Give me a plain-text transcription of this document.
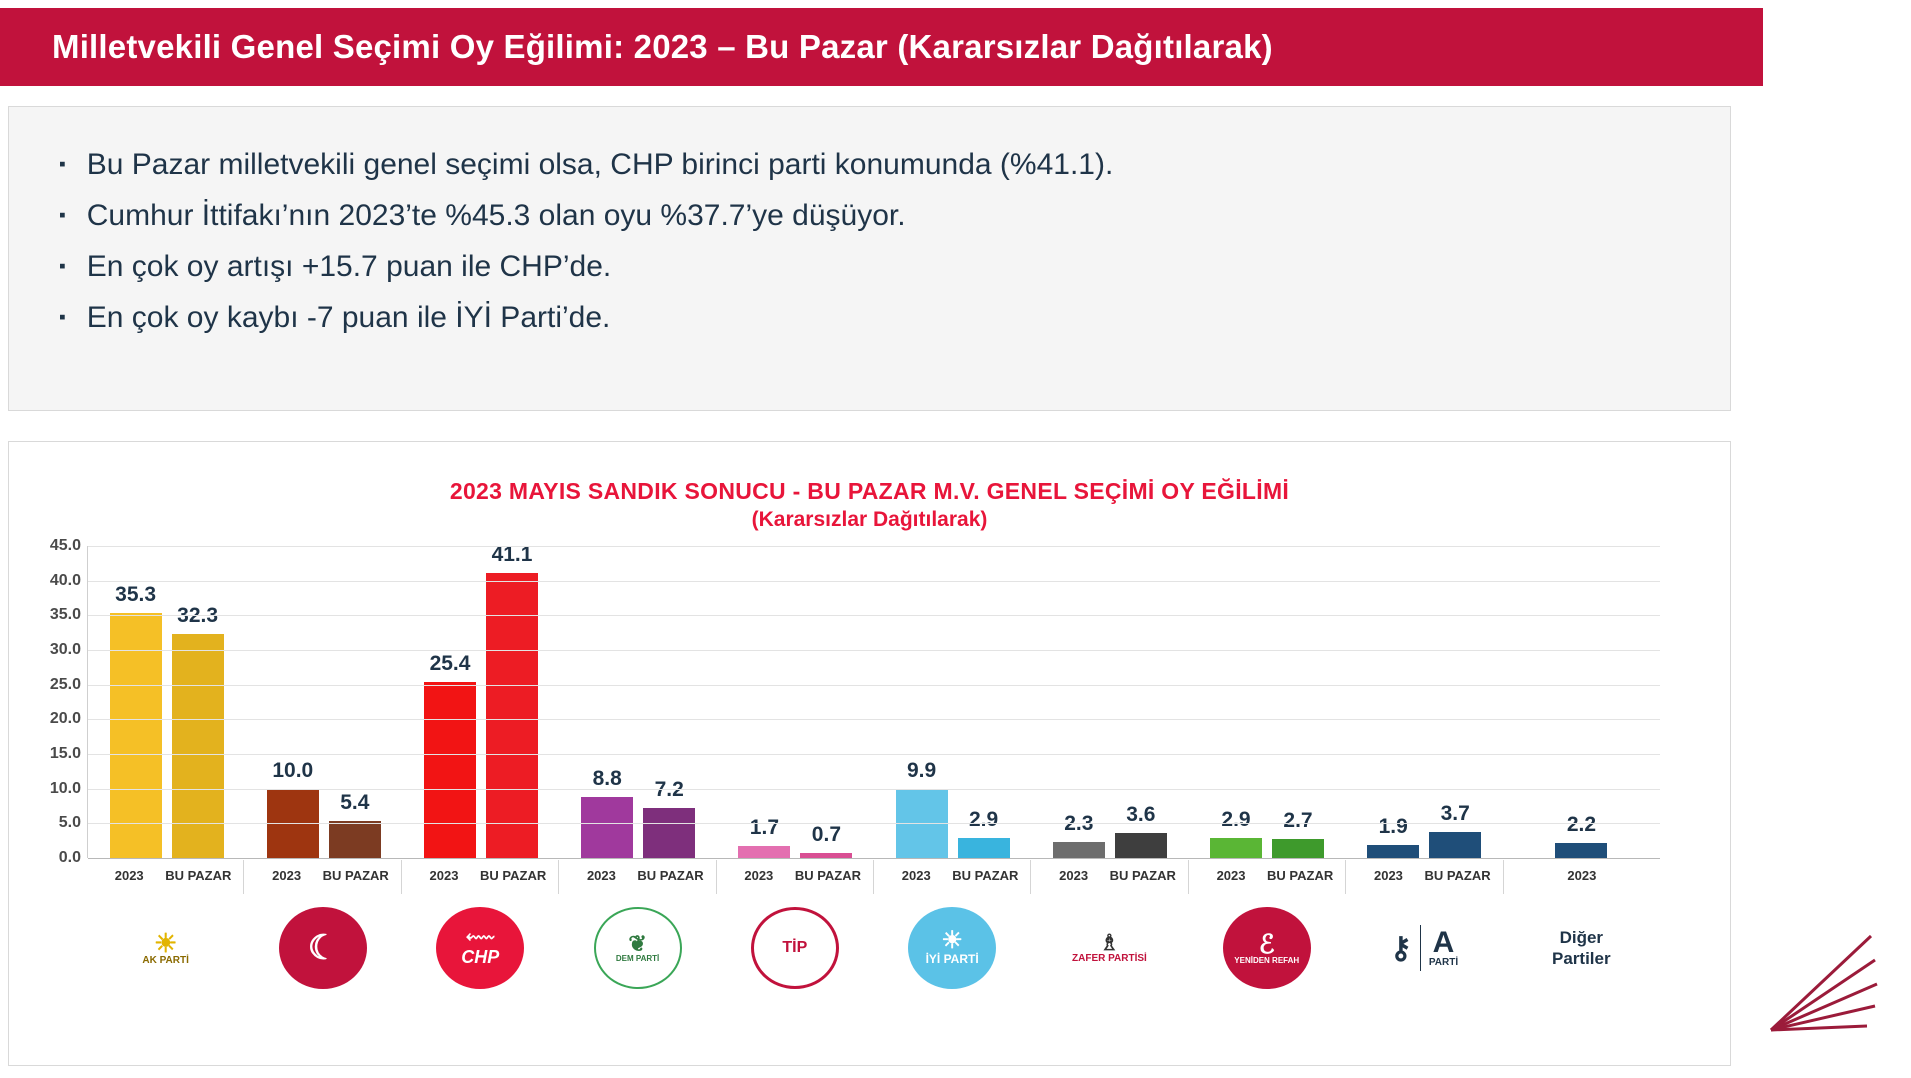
Milletvekili Genel Seçimi Oy Eğilimi: 2023 – Bu Pazar (Kararsızlar Dağıtılarak)
▪ Bu Pazar milletvekili genel seçimi olsa, CHP birinci parti konumunda (%41.1).
▪ Cumhur İttifakı’nın 2023’te %45.3 olan oyu %37.7’ye düşüyor.
▪ En çok oy artışı +15.7 puan ile CHP’de.
▪ En çok oy kaybı -7 puan ile İYİ Parti’de.
2023 MAYIS SANDIK SONUCU - BU PAZAR M.V. GENEL SEÇİMİ OY EĞİLİMİ
(Kararsızlar Dağıtılarak)
45.0
40.0
35.0
30.0
25.0
20.0
15.0
10.0
5.0
0.0
35.3
32.3
10.0
5.4
25.4
41.1
8.8 7.2
1.7 0.7
9.9
2.9	2.3 3.6	2.9 2.7	1.9
3.7	2.2
2023	BU PAZAR	2023	BU PAZAR	2023	BU PAZAR	2023	BU PAZAR	2023	BU PAZAR	2023	BU PAZAR	2023	BU PAZAR	2023	BU PAZAR	2023	BU PAZAR	2023
☀
AK PARTİ	☾	⬳
CHP
❦
DEM PARTİ
TİP	☀
İYİ PARTİ
♗
ZAFER PARTİSİ	ℰ
YENİDEN REFAH	⚷ A
PARTİ
Diğer
Partiler
